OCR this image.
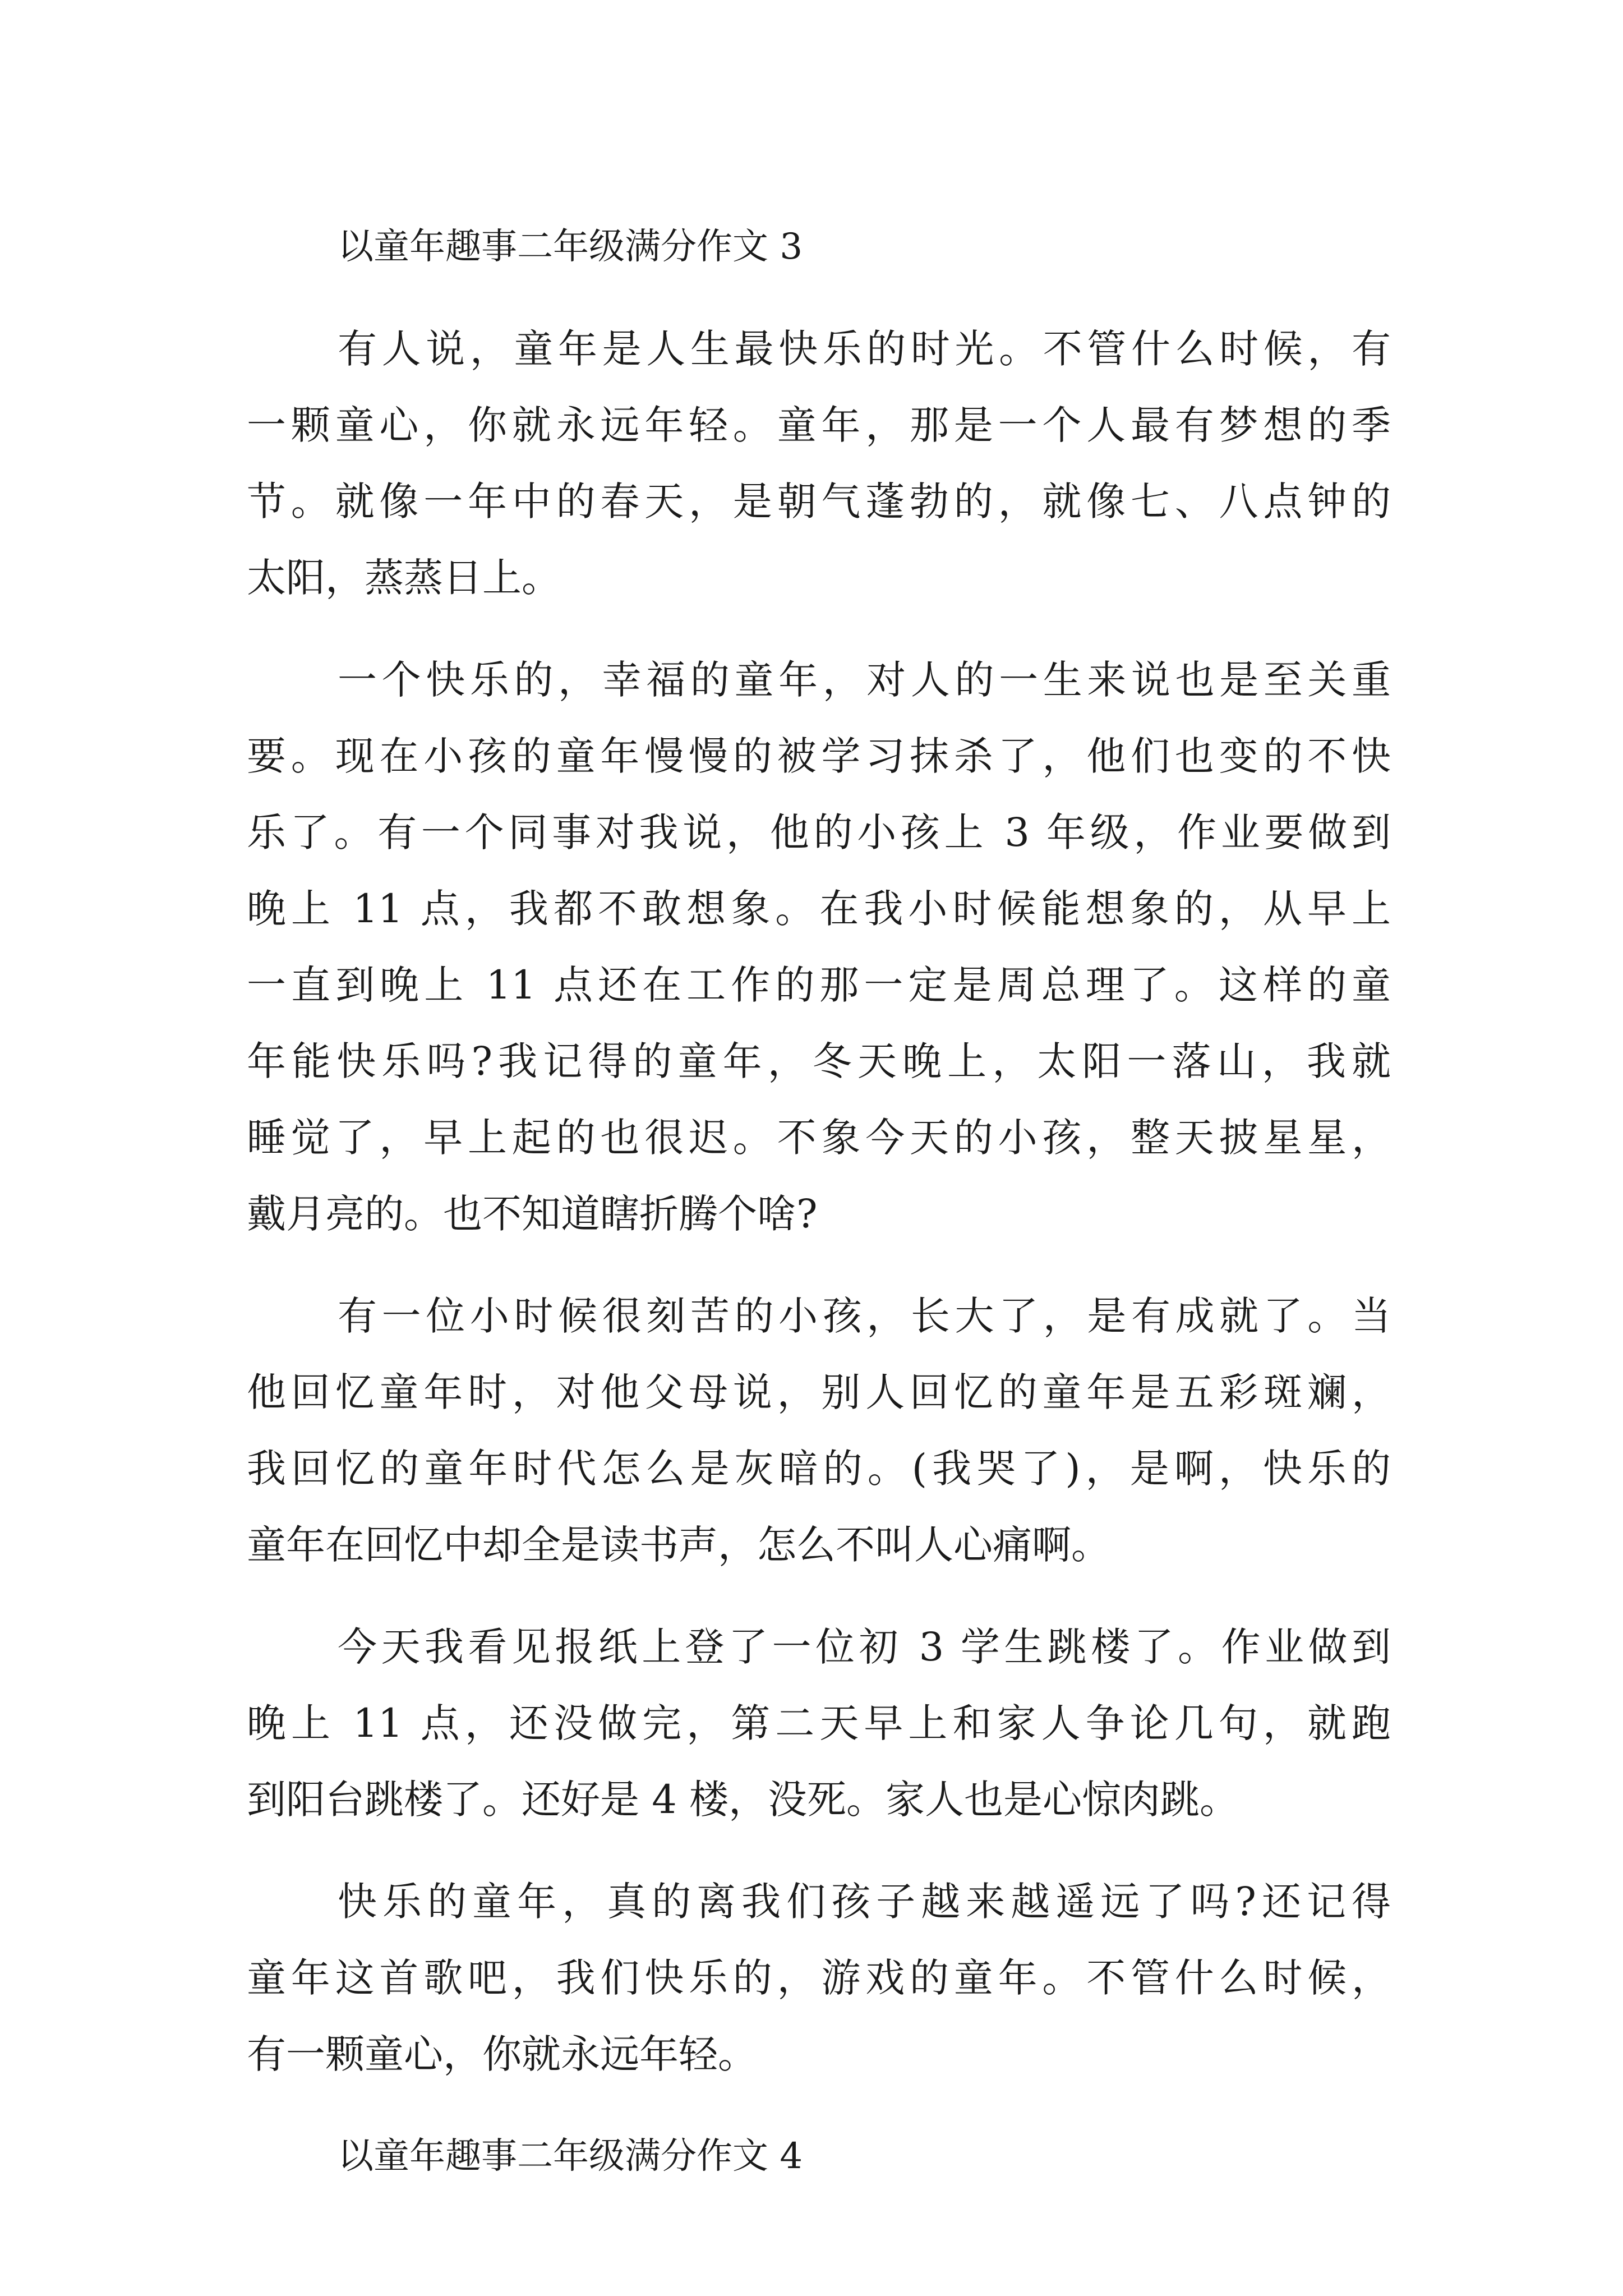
以童年趣事二年级满分作文 3
有人说，童年是人生最快乐的时光。不管什么时候，有
一颗童心，你就永远年轻。童年，那是一个人最有梦想的季
节。就像一年中的春天，是朝气蓬勃的，就像七、八点钟的
太阳，蒸蒸日上。
一个快乐的，幸福的童年，对人的一生来说也是至关重
要。现在小孩的童年慢慢的被学习抹杀了，他们也变的不快
乐了。有一个同事对我说，他的小孩上 3 年级，作业要做到
晚上 11 点，我都不敢想象。在我小时候能想象的，从早上
一直到晚上 11 点还在工作的那一定是周总理了。这样的童
年能快乐吗?我记得的童年，冬天晚上，太阳一落山，我就
睡觉了，早上起的也很迟。不象今天的小孩，整天披星星，
戴月亮的。也不知道瞎折腾个啥?
有一位小时候很刻苦的小孩，长大了，是有成就了。当
他回忆童年时，对他父母说，别人回忆的童年是五彩斑斓，
我回忆的童年时代怎么是灰暗的。(我哭了)，是啊，快乐的
童年在回忆中却全是读书声，怎么不叫人心痛啊。
今天我看见报纸上登了一位初 3 学生跳楼了。作业做到
晚上 11 点，还没做完，第二天早上和家人争论几句，就跑
到阳台跳楼了。还好是 4 楼，没死。家人也是心惊肉跳。
快乐的童年，真的离我们孩子越来越遥远了吗?还记得
童年这首歌吧，我们快乐的，游戏的童年。不管什么时候，
有一颗童心，你就永远年轻。
以童年趣事二年级满分作文 4
